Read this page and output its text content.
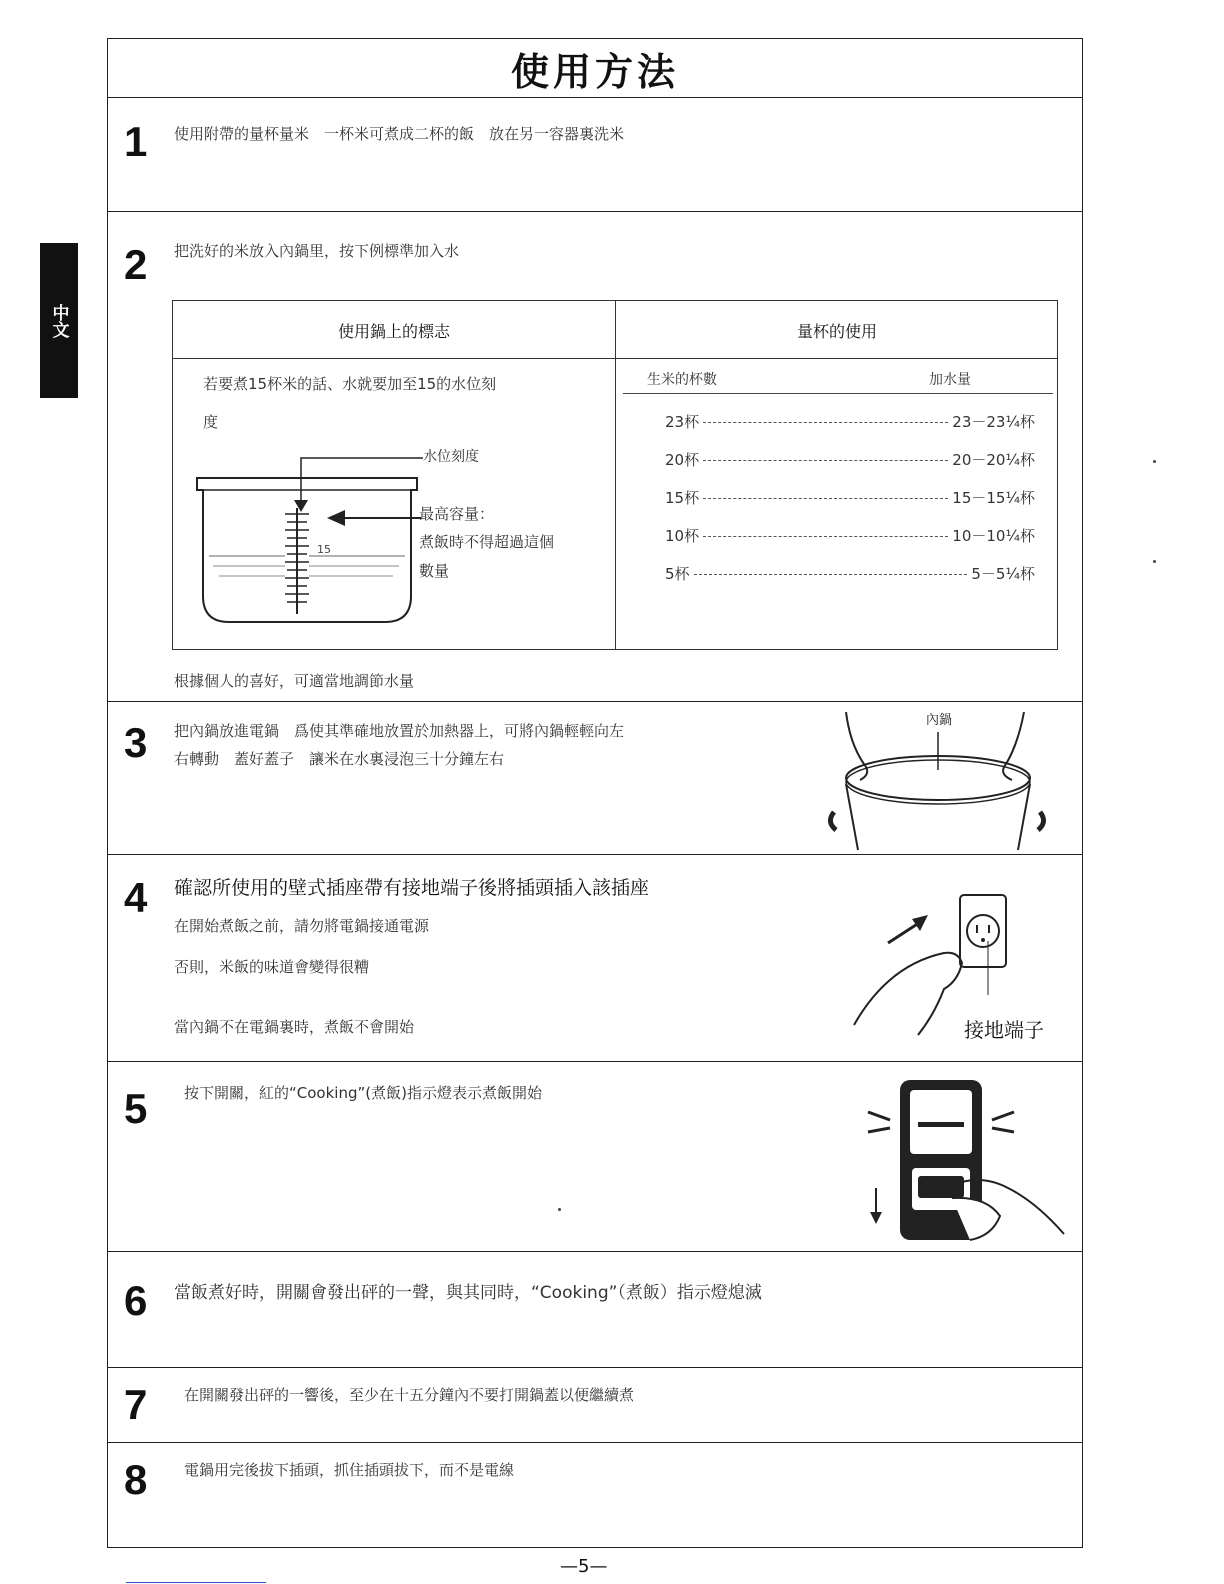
中文
使用方法
1 使用附帶的量杯量米　一杯米可煮成二杯的飯　放在另一容器裏洗米
2 把洗好的米放入內鍋里，按下例標準加入水
使用鍋上的標志	量杯的使用
若要煮15杯米的話、水就要加至15的水位刻
度
15
水位刻度
最高容量：
煮飯時不得超過這個
數量
生米的杯數	加水量
23杯	23－23¼杯
20杯	20－20¼杯
15杯	15－15¼杯
10杯	10－10¼杯
5杯	5－5¼杯
根據個人的喜好，可適當地調節水量
3 把內鍋放進電鍋　爲使其準確地放置於加熱器上，可將內鍋輕輕向左
右轉動　蓋好蓋子　讓米在水裏浸泡三十分鐘左右
內鍋
4 確認所使用的壁式插座帶有接地端子後將插頭插入該插座
在開始煮飯之前，請勿將電鍋接通電源
否則，米飯的味道會變得很糟
當內鍋不在電鍋裏時，煮飯不會開始	接地端子
5 按下開關，紅的“Cooking”(煮飯)指示燈表示煮飯開始
6 當飯煮好時，開關會發出砰的一聲，與其同時，“Cooking”（煮飯）指示燈熄滅
7 在開關發出砰的一響後，至少在十五分鐘內不要打開鍋蓋以便繼續煮
8 電鍋用完後拔下插頭，抓住插頭拔下，而不是電線
—5—
